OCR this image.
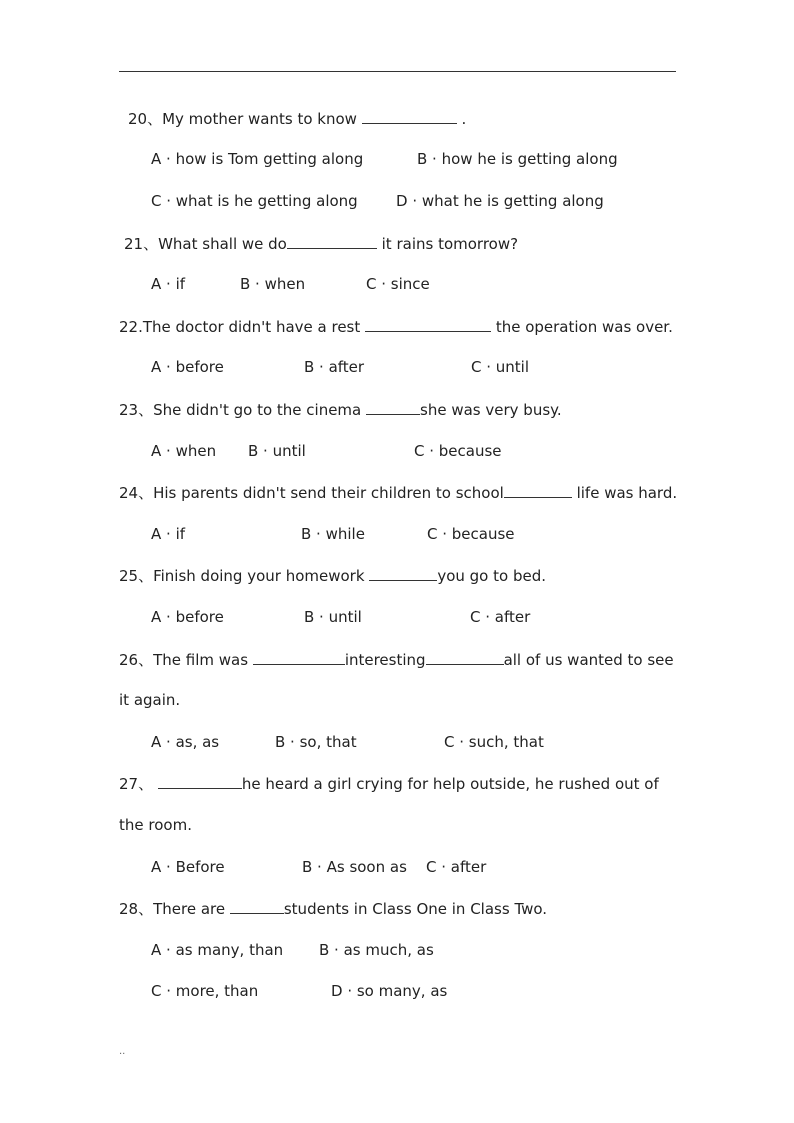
20、My mother wants to know	.
A · how is Tom getting along	B · how he is getting along
C · what is he getting along	D · what he is getting along
21、What shall we do	it rains tomorrow?
A · if	B · when	C · since
22.The doctor didn't have a rest	the operation was over.
A · before	B · after	C · until
23、She didn't go to the cinema	she was very busy.
A · when B · until	C · because
24、His parents didn't send their children to school	life was hard.
A · if	B · while	C · because
25、Finish doing your homework	you go to bed.
A · before	B · until	C · after
26、The film was	interesting	all of us wanted to see
it again.
A · as, as	B · so, that	C · such, that
27、	he heard a girl crying for help outside, he rushed out of
the room.
A · Before	B · As soon as C · after
28、There are	students in Class One in Class Two.
A · as many, than B · as much, as
C · more, than	D · so many, as
..
